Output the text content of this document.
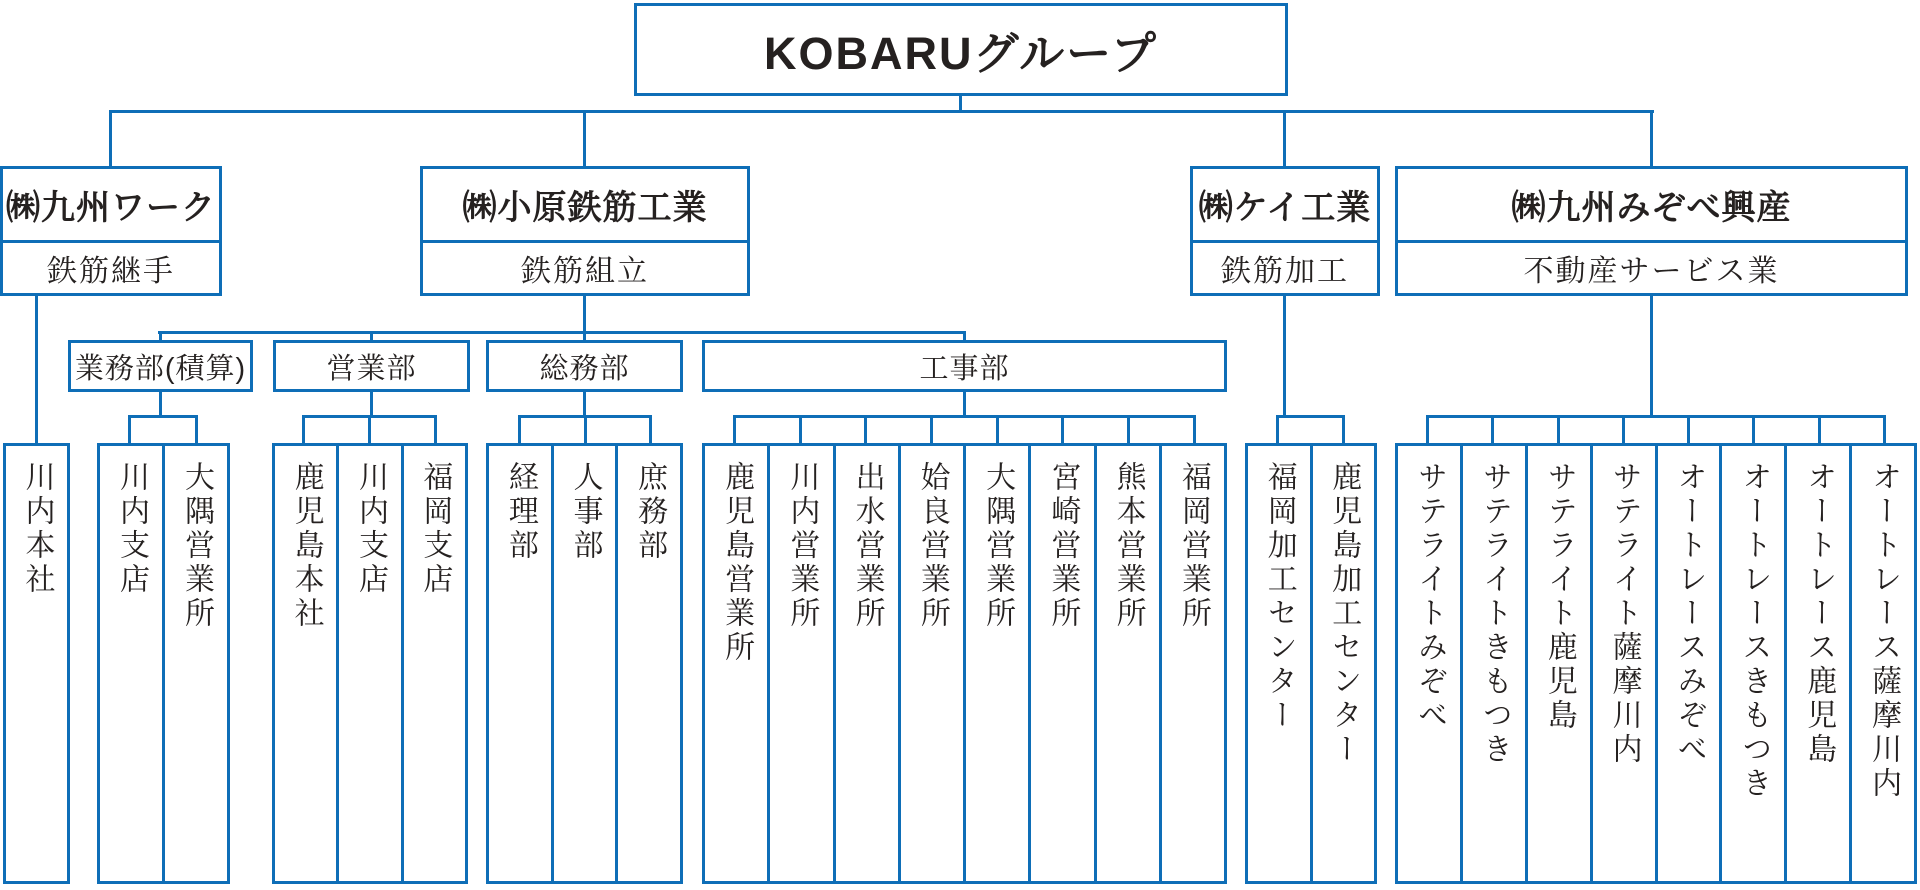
KOBARUグループ
㈱九州ワーク
鉄筋継手
㈱小原鉄筋工業
鉄筋組立
㈱ケイ工業
鉄筋加工
㈱九州みぞべ興産
不動産サービス業
業務部(積算)	営業部	総務部	工事部
川内本社 川内支店 大隅営業所	鹿児島本社 川内支店 福岡支店 経理部 人事部 庶務部 鹿児島営業所 川内営業所 出水営業所 姶良営業所 大隅営業所 宮崎営業所 熊本営業所 福岡営業所 福岡加工センター 鹿児島加工センター サテライトみぞべ サテライトきもつき サテライト鹿児島 サテライト薩摩川内 オートレースみぞべ オートレースきもつき オートレース鹿児島 オートレース薩摩川内
